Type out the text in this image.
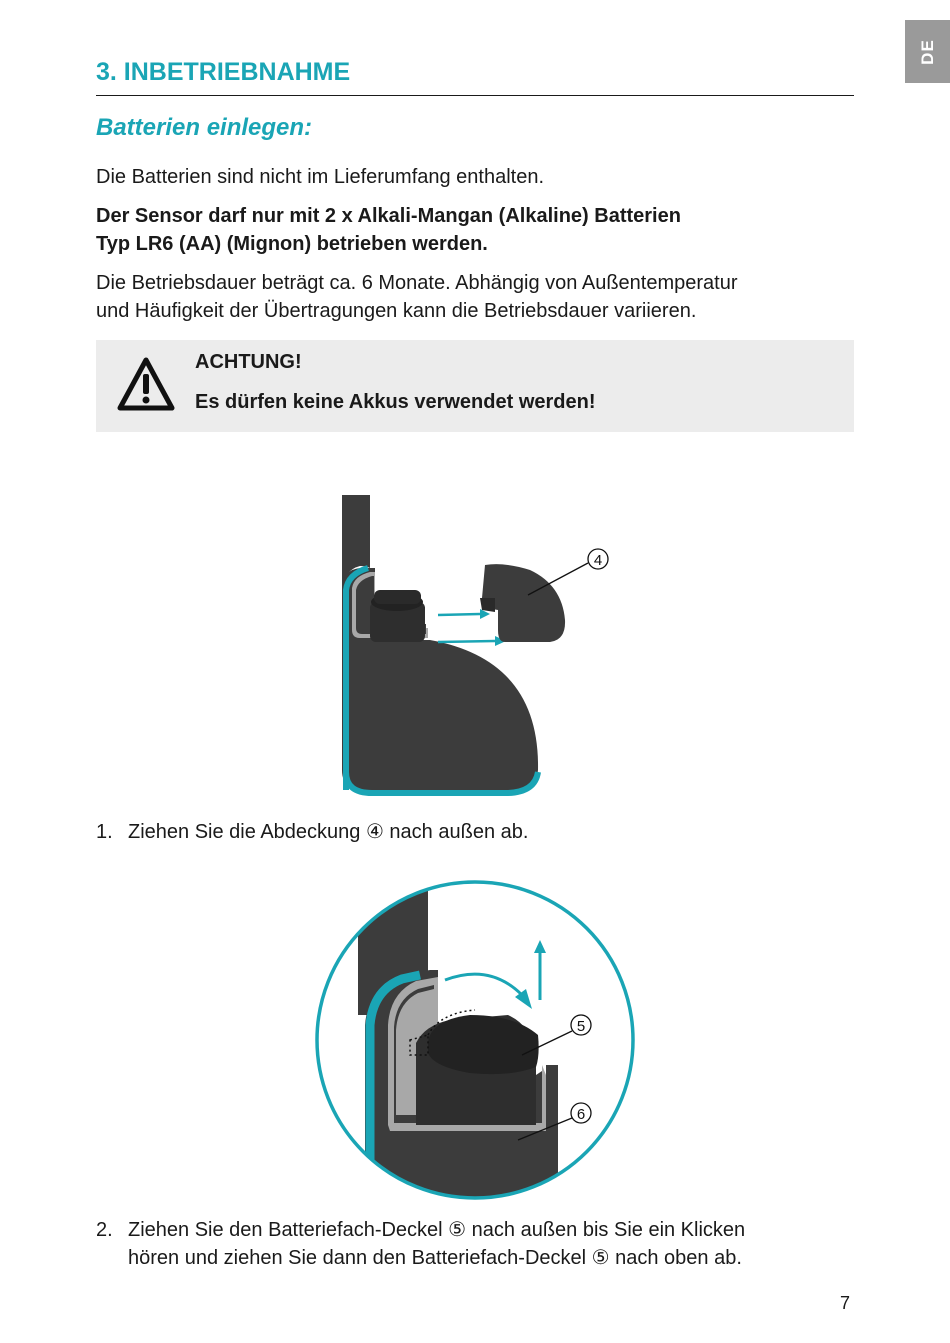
DE
3. INBETRIEBNAHME
Batterien einlegen:

Die Batterien sind nicht im Lieferumfang enthalten.

Der Sensor darf nur mit 2 x Alkali-Mangan (Alkaline) Batterien
Typ LR6 (AA) (Mignon) betrieben werden.

Die Betriebsdauer beträgt ca. 6 Monate. Abhängig von Außentemperatur
und Häufigkeit der Übertragungen kann die Betriebsdauer variieren.

ACHTUNG!
Es dürfen keine Akkus verwendet werden!
4
1. Ziehen Sie die Abdeckung ④ nach außen ab.
5
6
2. Ziehen Sie den Batteriefach-Deckel ⑤ nach außen bis Sie ein Klicken
hören und ziehen Sie dann den Batteriefach-Deckel ⑤ nach oben ab.
7
